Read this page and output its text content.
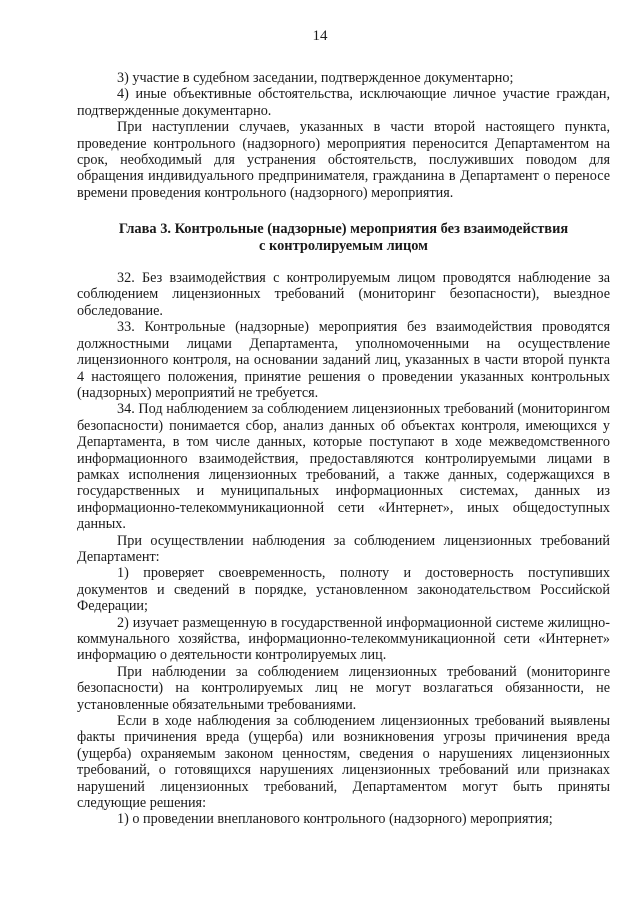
14

3) участие в судебном заседании, подтвержденное документарно;

4) иные объективные обстоятельства, исключающие личное участие граждан, подтвержденные документарно.

При наступлении случаев, указанных в части второй настоящего пункта, проведение контрольного (надзорного) мероприятия переносится Департаментом на срок, необходимый для устранения обстоятельств, послуживших поводом для обращения индивидуального предпринимателя, гражданина в Департамент о переносе времени проведения контрольного (надзорного) мероприятия.

Глава 3. Контрольные (надзорные) мероприятия без взаимодействия
с контролируемым лицом

32. Без взаимодействия с контролируемым лицом проводятся наблюдение за соблюдением лицензионных требований (мониторинг безопасности), выездное обследование.

33. Контрольные (надзорные) мероприятия без взаимодействия проводятся должностными лицами Департамента, уполномоченными на осуществление лицензионного контроля, на основании заданий лиц, указанных в части второй пункта 4 настоящего положения, принятие решения о проведении указанных контрольных (надзорных) мероприятий не требуется.

34. Под наблюдением за соблюдением лицензионных требований (мониторингом безопасности) понимается сбор, анализ данных об объектах контроля, имеющихся у Департамента, в том числе данных, которые поступают в ходе межведомственного информационного взаимодействия, предоставляются контролируемыми лицами в рамках исполнения лицензионных требований, а также данных, содержащихся в государственных и муниципальных информационных системах, данных из информационно-телекоммуникационной сети «Интернет», иных общедоступных данных.

При осуществлении наблюдения за соблюдением лицензионных требований Департамент:

1) проверяет своевременность, полноту и достоверность поступивших документов и сведений в порядке, установленном законодательством Российской Федерации;

2) изучает размещенную в государственной информационной системе жилищно-коммунального хозяйства, информационно-телекоммуникационной сети «Интернет» информацию о деятельности контролируемых лиц.

При наблюдении за соблюдением лицензионных требований (мониторинге безопасности) на контролируемых лиц не могут возлагаться обязанности, не установленные обязательными требованиями.

Если в ходе наблюдения за соблюдением лицензионных требований выявлены факты причинения вреда (ущерба) или возникновения угрозы причинения вреда (ущерба) охраняемым законом ценностям, сведения о нарушениях лицензионных требований, о готовящихся нарушениях лицензионных требований или признаках нарушений лицензионных требований, Департаментом могут быть приняты следующие решения:

1) о проведении внепланового контрольного (надзорного) мероприятия;
